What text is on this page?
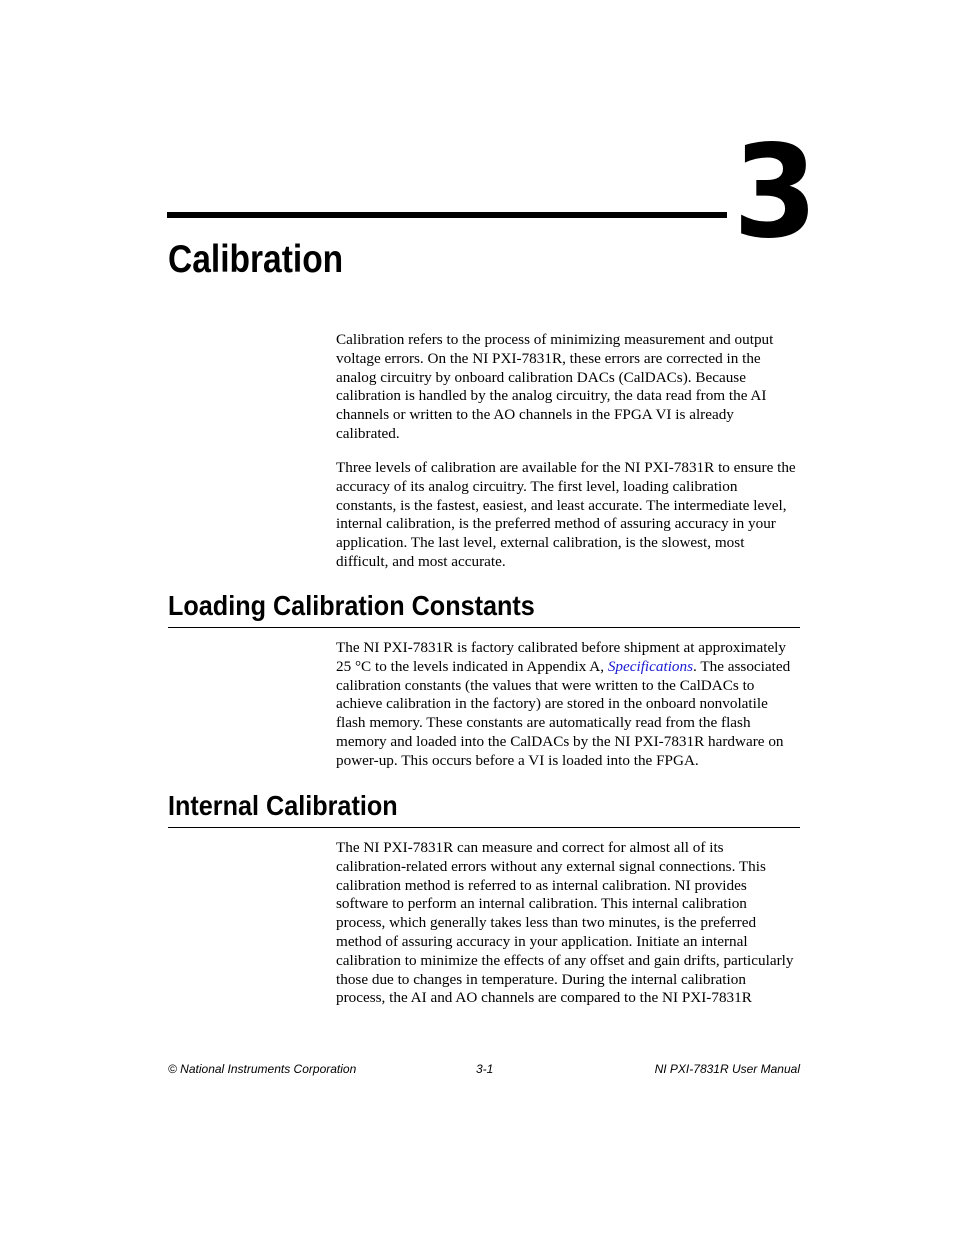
3
Calibration

Calibration refers to the process of minimizing measurement and output
voltage errors. On the NI PXI-7831R, these errors are corrected in the
analog circuitry by onboard calibration DACs (CalDACs). Because
calibration is handled by the analog circuitry, the data read from the AI
channels or written to the AO channels in the FPGA VI is already
calibrated.

Three levels of calibration are available for the NI PXI-7831R to ensure the
accuracy of its analog circuitry. The first level, loading calibration
constants, is the fastest, easiest, and least accurate. The intermediate level,
internal calibration, is the preferred method of assuring accuracy in your
application. The last level, external calibration, is the slowest, most
difficult, and most accurate.

Loading Calibration Constants

The NI PXI-7831R is factory calibrated before shipment at approximately
25 °C to the levels indicated in Appendix A, Specifications. The associated
calibration constants (the values that were written to the CalDACs to
achieve calibration in the factory) are stored in the onboard nonvolatile
flash memory. These constants are automatically read from the flash
memory and loaded into the CalDACs by the NI PXI-7831R hardware on
power-up. This occurs before a VI is loaded into the FPGA.

Internal Calibration

The NI PXI-7831R can measure and correct for almost all of its
calibration-related errors without any external signal connections. This
calibration method is referred to as internal calibration. NI provides
software to perform an internal calibration. This internal calibration
process, which generally takes less than two minutes, is the preferred
method of assuring accuracy in your application. Initiate an internal
calibration to minimize the effects of any offset and gain drifts, particularly
those due to changes in temperature. During the internal calibration
process, the AI and AO channels are compared to the NI PXI-7831R

© National Instruments Corporation	3-1	NI PXI-7831R User Manual
